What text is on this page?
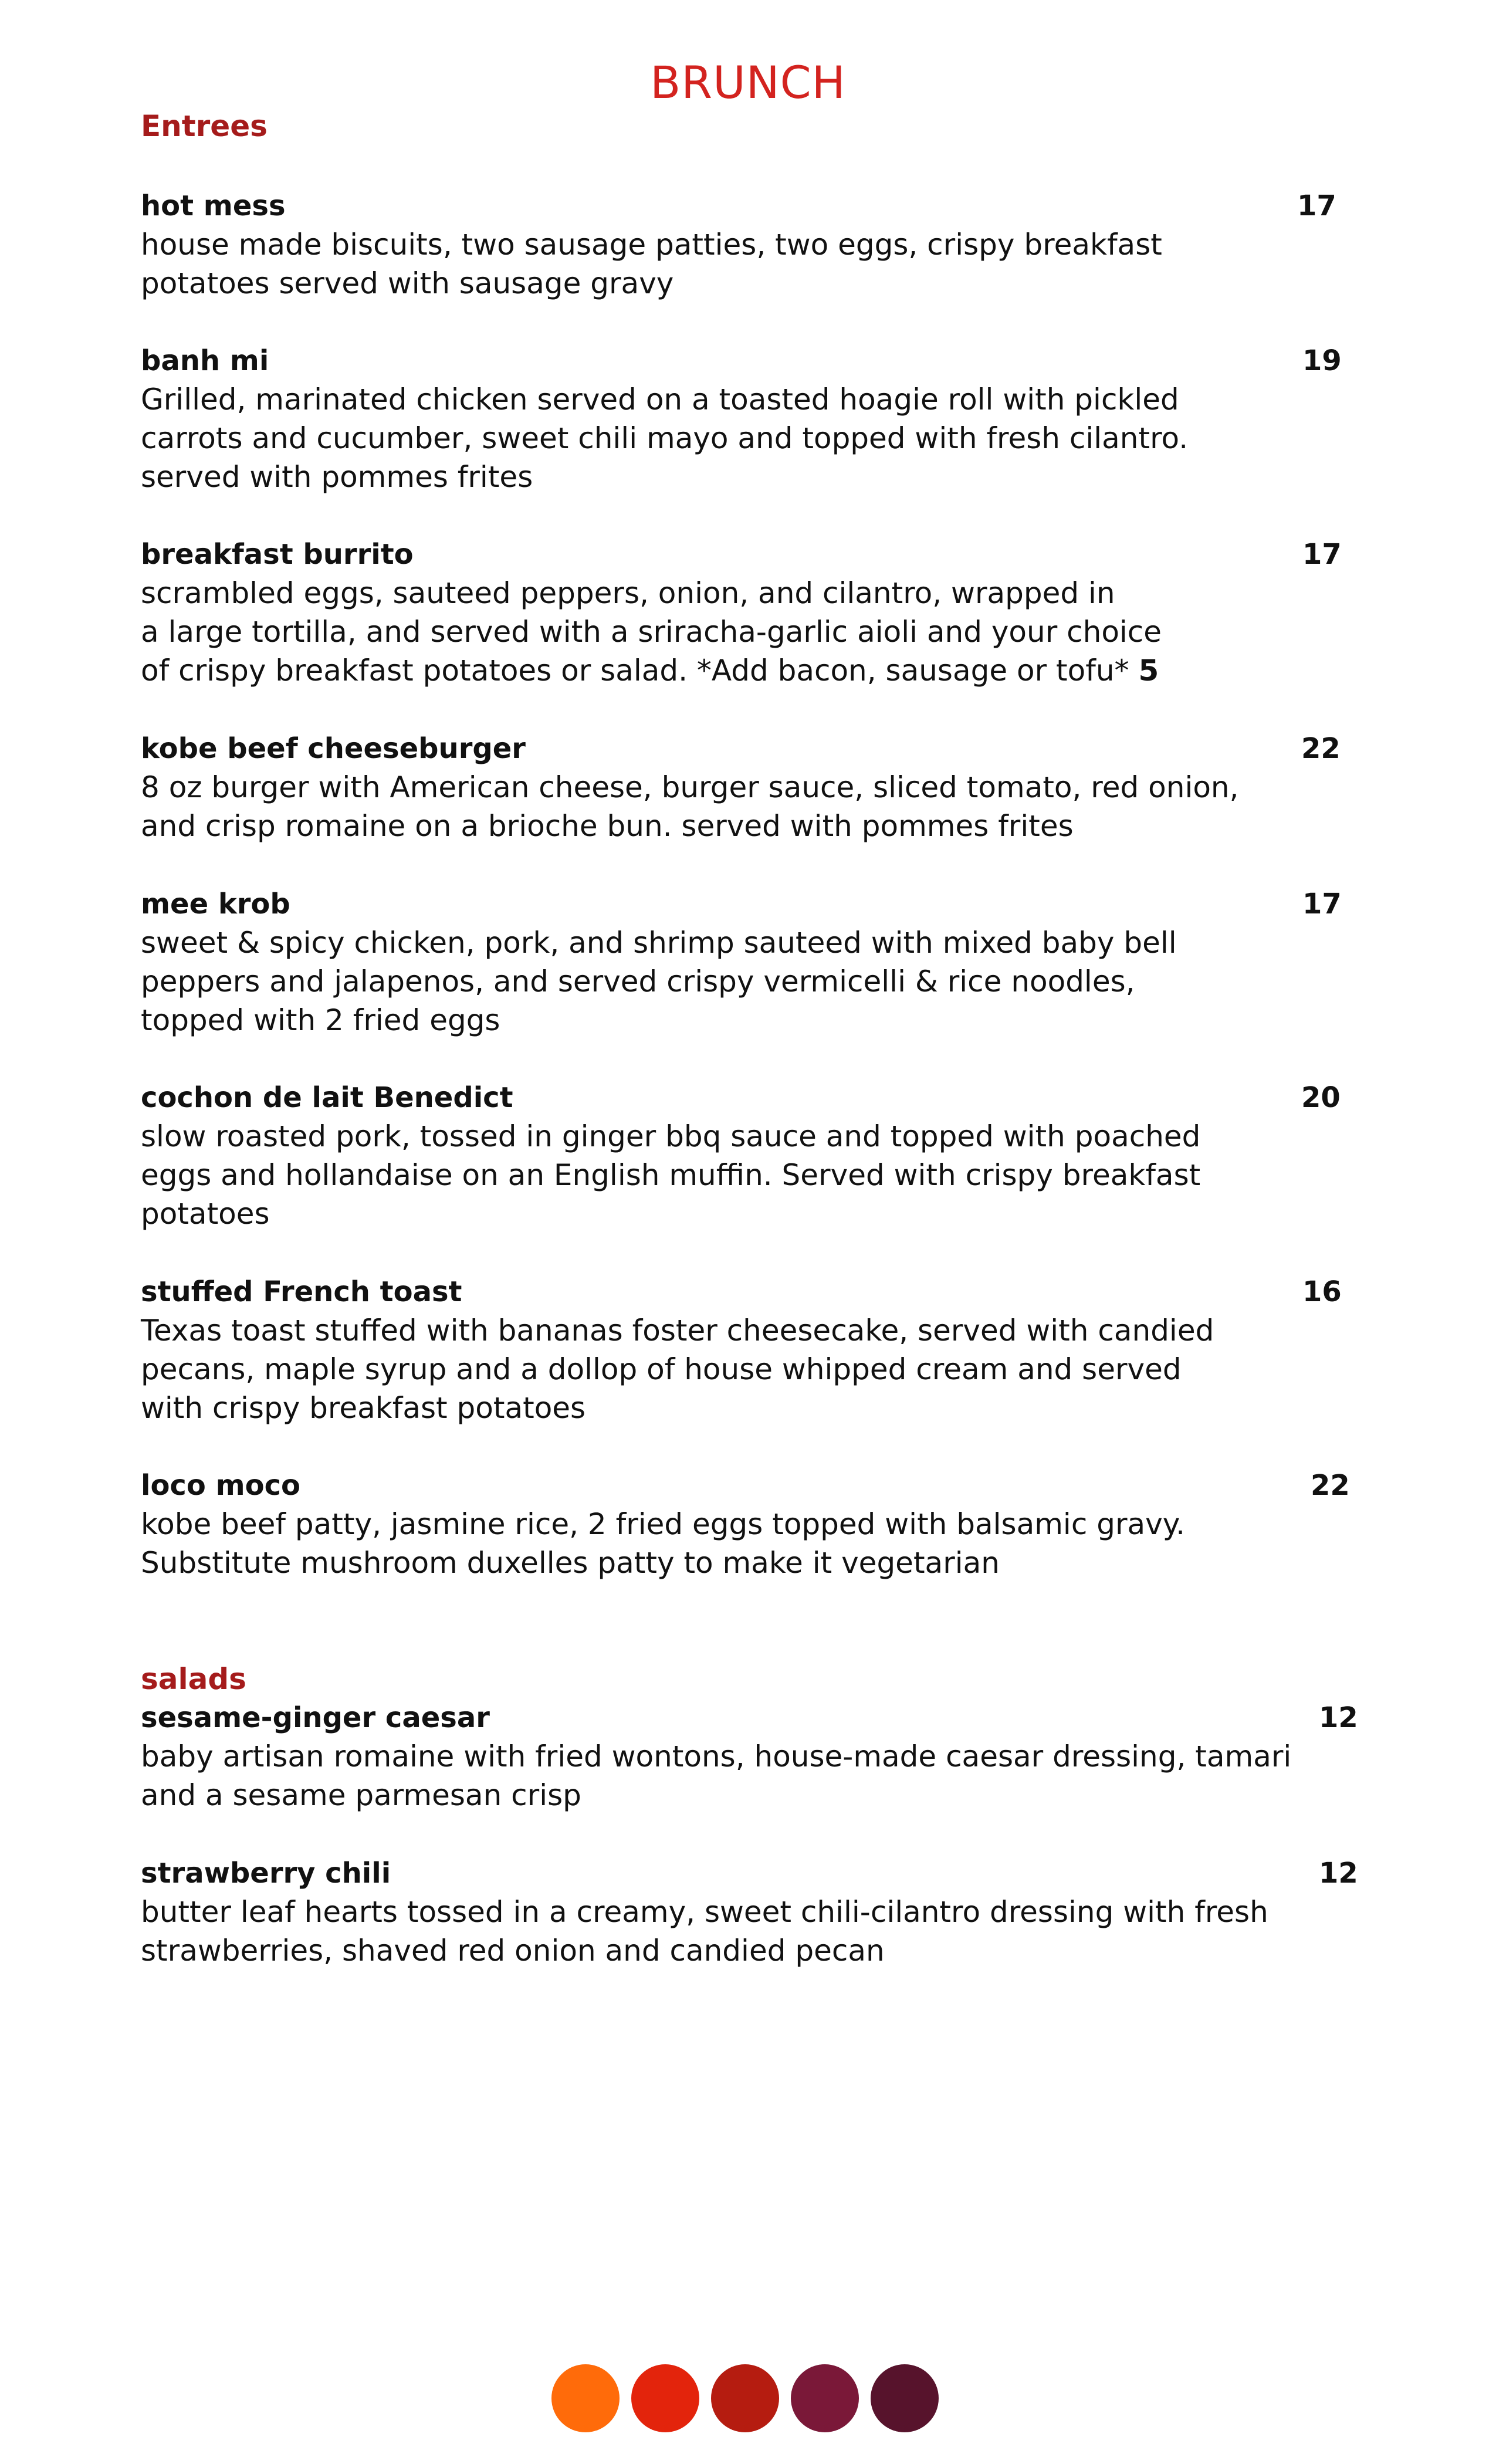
BRUNCH
Entrees
hot mess	17
house made biscuits, two sausage patties, two eggs, crispy breakfast
potatoes served with sausage gravy
banh mi	19
Grilled, marinated chicken served on a toasted hoagie roll with pickled
carrots and cucumber, sweet chili mayo and topped with fresh cilantro.
served with pommes frites
breakfast burrito	17
scrambled eggs, sauteed peppers, onion, and cilantro, wrapped in
a large tortilla, and served with a sriracha-garlic aioli and your choice
of crispy breakfast potatoes or salad. *Add bacon, sausage or tofu* 5
kobe beef cheeseburger	22
8 oz burger with American cheese, burger sauce, sliced tomato, red onion,
and crisp romaine on a brioche bun. served with pommes frites
mee krob	17
sweet & spicy chicken, pork, and shrimp sauteed with mixed baby bell
peppers and jalapenos, and served crispy vermicelli & rice noodles,
topped with 2 fried eggs
cochon de lait Benedict	20
slow roasted pork, tossed in ginger bbq sauce and topped with poached
eggs and hollandaise on an English muffin. Served with crispy breakfast
potatoes
stuffed French toast	16
Texas toast stuffed with bananas foster cheesecake, served with candied
pecans, maple syrup and a dollop of house whipped cream and served
with crispy breakfast potatoes
loco moco	22
kobe beef patty, jasmine rice, 2 fried eggs topped with balsamic gravy.
Substitute mushroom duxelles patty to make it vegetarian
salads
sesame-ginger caesar	12
baby artisan romaine with fried wontons, house-made caesar dressing, tamari
and a sesame parmesan crisp
strawberry chili	12
butter leaf hearts tossed in a creamy, sweet chili-cilantro dressing with fresh
strawberries, shaved red onion and candied pecan
